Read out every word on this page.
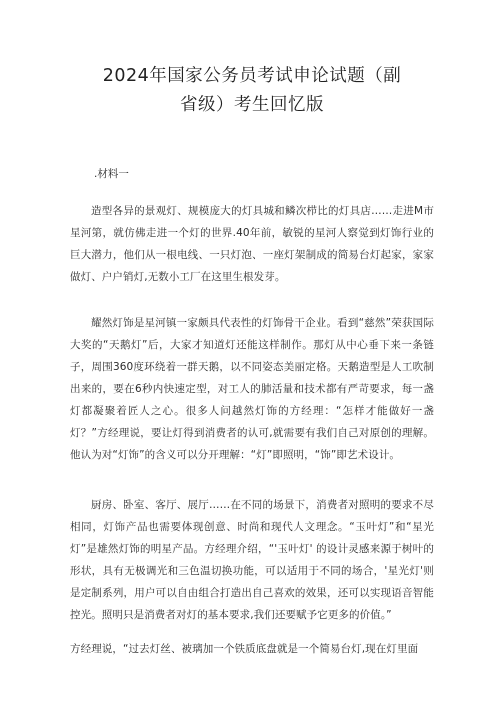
2024年国家公务员考试申论试题（副
省级）考生回忆版

.材料一

造型各异的景观灯、规模庞大的灯具城和鳞次栉比的灯具店……走进M市星河第，就仿佛走进一个灯的世界.40年前，敏锐的星河人察觉到灯饰行业的巨大潜力，他们从一根电线、一只灯泡、一座灯架制成的简易台灯起家，家家做灯、户户销灯,无数小工厂在这里生根发芽。

耀然灯饰是星河镇一家颇具代表性的灯饰骨干企业。看到“慈然”荣获国际大奖的“天鹅灯”后，大家才知道灯还能这样制作。那灯从中心垂下来一条链子，周围360度环绕着一群天鹅，以不同姿态美丽定格。天鹅造型是人工吹制出来的，要在6秒内快速定型，对工人的肺活量和技术都有严苛要求，每一盏灯都凝聚着匠人之心。很多人问越然灯饰的方经理：“怎样才能做好一盏灯？”方经理说，要让灯得到消费者的认可,就需要有我们自己对原创的理解。他认为对“灯饰”的含义可以分开理解：“灯”即照明，“饰”即艺术设计。

厨房、卧室、客厅、展厅……在不同的场景下，消费者对照明的要求不尽相同，灯饰产品也需要体现创意、时尚和现代人文理念。“玉叶灯”和“星光灯”是雄然灯饰的明星产品。方经理介绍，“'玉叶灯' 的设计灵感来源于树叶的形状，具有无极调光和三色温切换功能，可以适用于不同的场合，'星光灯'则是定制系列，用户可以自由组合打造出自己喜欢的效果，还可以实现语音智能控光。照明只是消费者对灯的基本要求,我们还要赋予它更多的价值。”

方经理说，“过去灯丝、被璃加一个铁质底盘就是一个简易台灯,现在灯里面
